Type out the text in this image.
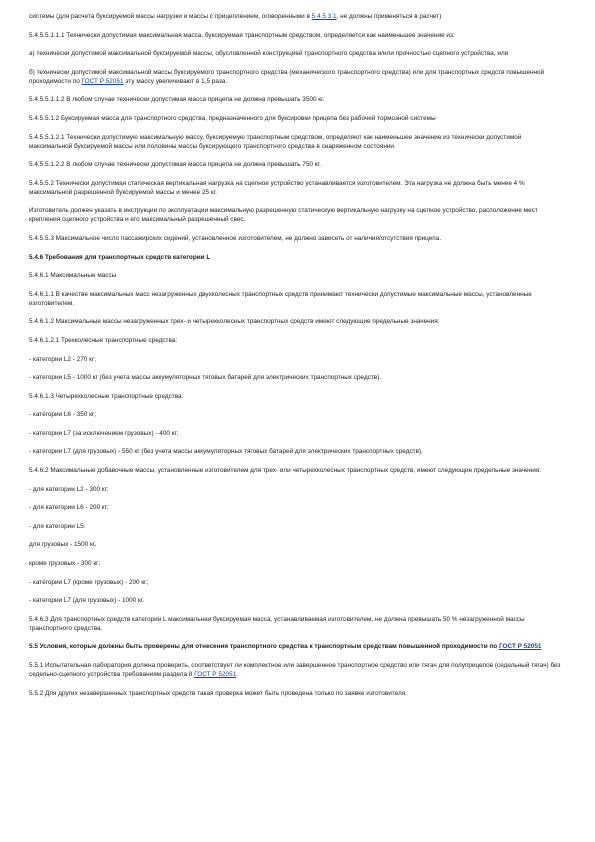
системы (для расчета буксируемой массы нагрузки и массы с прицеплением, оговоренными в 5.4.5.3.1, не должны применяться в расчет)
5.4.5.5.1.1.1 Технически допустимая максимальная масса, буксируемая транспортным средством, определяется как наименьшее значение из:
а) технически допустимой максимальной буксируемой массы, обусловленной конструкцией транспортного средства и/или прочностью сцепного устройства, или
б) технически допустимой максимальной массы буксируемого транспортного средства (механического транспортного средства) или для транспортных средств повышенной проходимости по ГОСТ Р 52051 эту массу увеличивают в 1,5 раза.
5.4.5.5.1.1.2 В любом случае технически допустимая масса прицепа не должна превышать 3500 кг.
5.4.5.5.1.2 Буксируемая масса для транспортного средства, предназначенного для буксировки прицепа без рабочей тормозной системы
5.4.5.5.1.2.1 Технически допустимую максимальную массу, буксируемую транспортным средством, определяют как наименьшее значение из технически допустимой максимальной буксируемой массы или половины массы буксирующего транспортного средства в снаряженном состоянии.
5.4.5.5.1.2.2 В любом случае технически допустимая масса прицепа не должна превышать 750 кг.
5.4.5.5.2 Технически допустимая статическая вертикальная нагрузка на сцепное устройство устанавливается изготовителем. Эта нагрузка не должна быть менее 4 % максимальной разрешенной буксируемой массы и менее 25 кг.
Изготовитель должен указать в инструкции по эксплуатации максимальную разрешенную статическую вертикальную нагрузку на сцепное устройство, расположение мест крепления сцепного устройства и его максимальный разрешенный свес.
5.4.5.5.3 Максимальное число пассажирских сидений, установленное изготовителем, не должно зависеть от наличия/отсутствия прицепа.
5.4.6 Требования для транспортных средств категории L
5.4.6.1 Максимальные массы
5.4.6.1.1 В качестве максимальных масс незагруженных двухколесных транспортных средств принимают технически допустимые максимальные массы, установленные изготовителем.
5.4.6.1.2 Максимальные массы незагруженных трех- и четырехколесных транспортных средств имеют следующие предельные значения:
5.4.6.1.2.1 Трехколесные транспортные средства:
- категории L2 - 270 кг;
- категории L5 - 1000 кг (без учета массы аккумуляторных тяговых батарей для электрических транспортных средств).
5.4.6.1.3 Четырехколесные транспортные средства:
- категории L6 - 350 кг;
- категории L7 (за исключением грузовых) - 400 кг;
- категории L7 (для грузовых) - 550 кг (без учета массы аккумуляторных тяговых батарей для электрических транспортных средств).
5.4.6.2 Максимальные добавочные массы, установленные изготовителем для трех- или четырехколесных транспортных средств, имеют следующие предельные значения:
- для категории L2 - 300 кг;
- для категории L6 - 200 кг;
- для категории L5:
для грузовых - 1500 кг,
кроме грузовых - 300 кг;
- категории L7 (кроме грузовых) - 200 кг;
- категории L7 (для грузовых) - 1000 кг.
5.4.6.3 Для транспортных средств категории L максимальная буксируемая масса, устанавливаемая изготовителем, не должна превышать 50 % незагруженной массы транспортного средства.
5.5 Условия, которые должны быть проверены для отнесения транспортного средства к транспортным средствам повышенной проходимости по ГОСТ Р 52051
5.5.1 Испытательная лаборатория должна проверить, соответствует ли комплектное или завершенное транспортное средство или тягач для полуприцепов (седельный тягач) без седельно-сцепного устройства требованиям раздела 8 ГОСТ Р 52051.
5.5.2 Для других незавершенных транспортных средств такая проверка может быть проведена только по заявке изготовителя.
